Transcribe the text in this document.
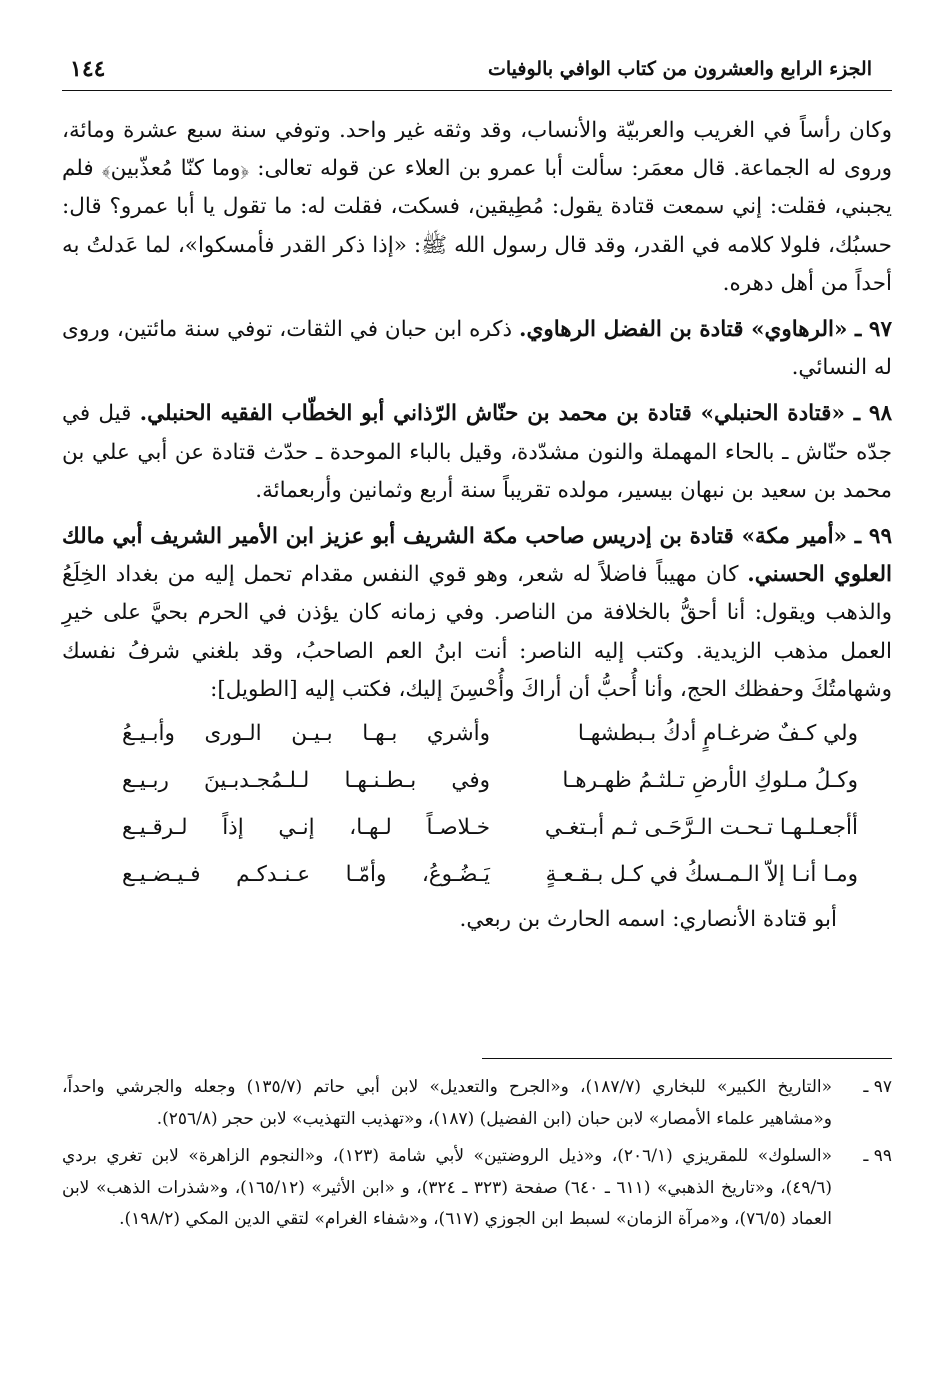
الجزء الرابع والعشرون من كتاب الوافي بالوفيات
١٤٤

وكان رأساً في الغريب والعربيّة والأنساب، وقد وثقه غير واحد. وتوفي سنة سبع عشرة ومائة، وروى له الجماعة. قال معمَر: سألت أبا عمرو بن العلاء عن قوله تعالى: ﴿وما كنّا مُعذّبين﴾ فلم يجبني، فقلت: إني سمعت قتادة يقول: مُطِيقين، فسكت، فقلت له: ما تقول يا أبا عمرو؟ قال: حسبُك، فلولا كلامه في القدر، وقد قال رسول الله ﷺ: «إذا ذكر القدر فأمسكوا»، لما عَدلتُ به أحداً من أهل دهره.

٩٧ ـ «الرهاوي» قتادة بن الفضل الرهاوي. ذكره ابن حبان في الثقات، توفي سنة مائتين، وروى له النسائي.

٩٨ ـ «قتادة الحنبلي» قتادة بن محمد بن حنّاش الرّذاني أبو الخطّاب الفقيه الحنبلي. قيل في جدّه حنّاش ـ بالحاء المهملة والنون مشدّدة، وقيل بالباء الموحدة ـ حدّث قتادة عن أبي علي بن محمد بن سعيد بن نبهان بيسير، مولده تقريباً سنة أربع وثمانين وأربعمائة.

٩٩ ـ «أمير مكة» قتادة بن إدريس صاحب مكة الشريف أبو عزيز ابن الأمير الشريف أبي مالك العلوي الحسني. كان مهيباً فاضلاً له شعر، وهو قوي النفس مقدام تحمل إليه من بغداد الخِلَعُ والذهب ويقول: أنا أحقُّ بالخلافة من الناصر. وفي زمانه كان يؤذن في الحرم بحيَّ على خيرِ العمل مذهب الزيدية. وكتب إليه الناصر: أنت ابنُ العم الصاحبُ، وقد بلغني شرفُ نفسك وشهامتُكَ وحفظك الحج، وأنا أُحبُّ أن أراكَ وأُحْسِنَ إليك، فكتب إليه [الطويل]:

ولي كـفٌ ضرغـامٍ أدكُ بـبطشهـا
وأشري بـهـا بـيـن الـورى وأبـيـعُ
وكـلُ مـلوكِ الأرضِ تـلثـمُ ظهـرهـا
وفي بـطـنـهـا لـلـمُجـدبـينَ ربـيـع
أأجعـلـهـا تـحـت الـرَّحَـى ثـم أبـتغـي
خـلاصـاً لـهـا، إنـي إذاً لـرقـيـع
ومـا أنـا إلاّ الـمـسكُ في كـل بـقـعـةٍ
يَـضُـوعُ، وأمّـا عـنـدكـم فـيـضـيـع

أبو قتادة الأنصاري: اسمه الحارث بن ربعي.

٩٧ ـ
«التاريخ الكبير» للبخاري (١٨٧/٧)، و«الجرح والتعديل» لابن أبي حاتم (١٣٥/٧) وجعله والجرشي واحداً، و«مشاهير علماء الأمصار» لابن حبان (ابن الفضيل) (١٨٧)، و«تهذيب التهذيب» لابن حجر (٢٥٦/٨).
٩٩ ـ
«السلوك» للمقريزي (٢٠٦/١)، و«ذيل الروضتين» لأبي شامة (١٢٣)، و«النجوم الزاهرة» لابن تغري بردي (٤٩/٦)، و«تاريخ الذهبي» (٦١١ ـ ٦٤٠) صفحة (٣٢٣ ـ ٣٢٤)، و «ابن الأثير» (١٦٥/١٢)، و«شذرات الذهب» لابن العماد (٧٦/٥)، و«مرآة الزمان» لسبط ابن الجوزي (٦١٧)، و«شفاء الغرام» لتقي الدين المكي (١٩٨/٢).
